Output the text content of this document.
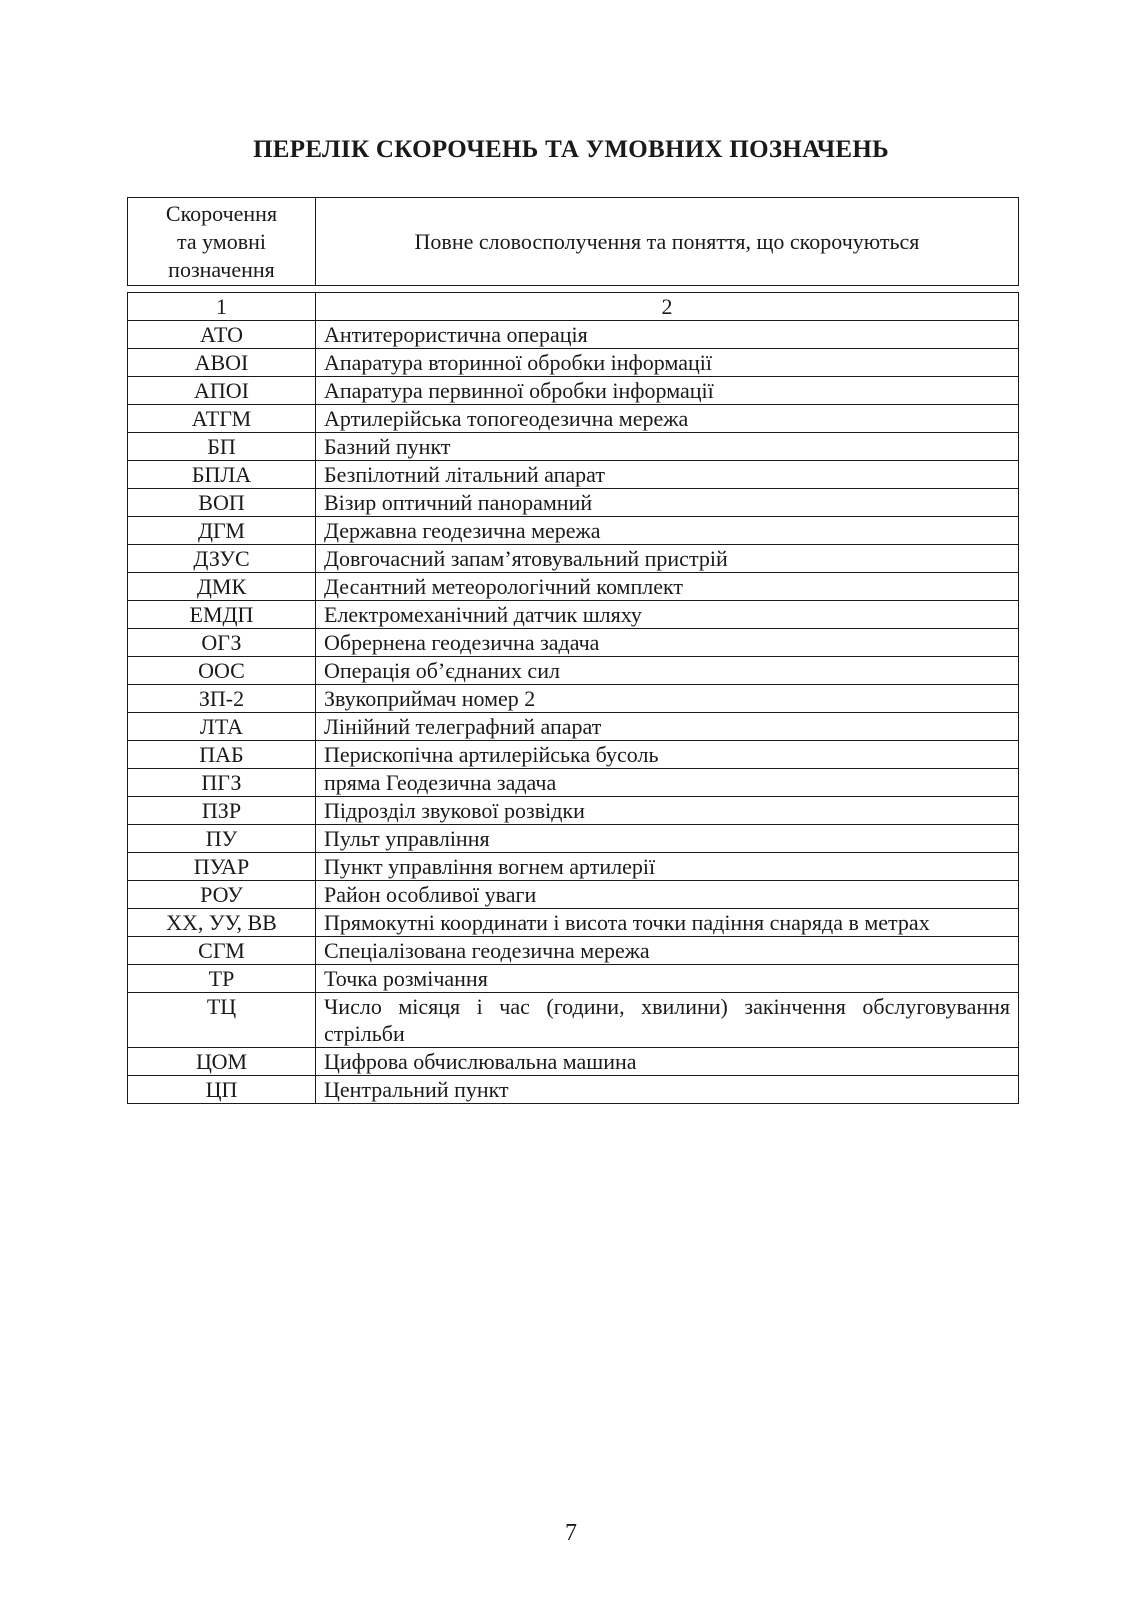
ПЕРЕЛІК СКОРОЧЕНЬ ТА УМОВНИХ ПОЗНАЧЕНЬ
Скорочення
та умовні
позначення
Повне словосполучення та поняття, що скорочуються
1	2
АТО	Антитерористична операція
АВОІ	Апаратура вторинної обробки інформації
АПОІ	Апаратура первинної обробки інформації
АТГМ	Артилерійська топогеодезична мережа
БП	Базний пункт
БПЛА	Безпілотний літальний апарат
ВОП	Візир оптичний панорамний
ДГМ	Державна геодезична мережа
ДЗУС	Довгочасний запам’ятовувальний пристрій
ДМК	Десантний метеорологічний комплект
ЕМДП	Електромеханічний датчик шляху
ОГЗ	Обрернена геодезична задача
ООС	Операція об’єднаних сил
ЗП-2	Звукоприймач номер 2
ЛТА	Лінійний телеграфний апарат
ПАБ	Перископічна артилерійська бусоль
ПГЗ	пряма Геодезична задача
ПЗР	Підрозділ звукової розвідки
ПУ	Пульт управління
ПУАР	Пункт управління вогнем артилерії
РОУ	Район особливої уваги
ХХ, УУ, ВВ	Прямокутні координати і висота точки падіння снаряда в метрах
СГМ	Спеціалізована геодезична мережа
ТР	Точка розмічання
ТЦ	Число місяця і час (години, хвилини) закінчення обслуговування стрільби
ЦОМ	Цифрова обчислювальна машина
ЦП	Центральний пункт
7
